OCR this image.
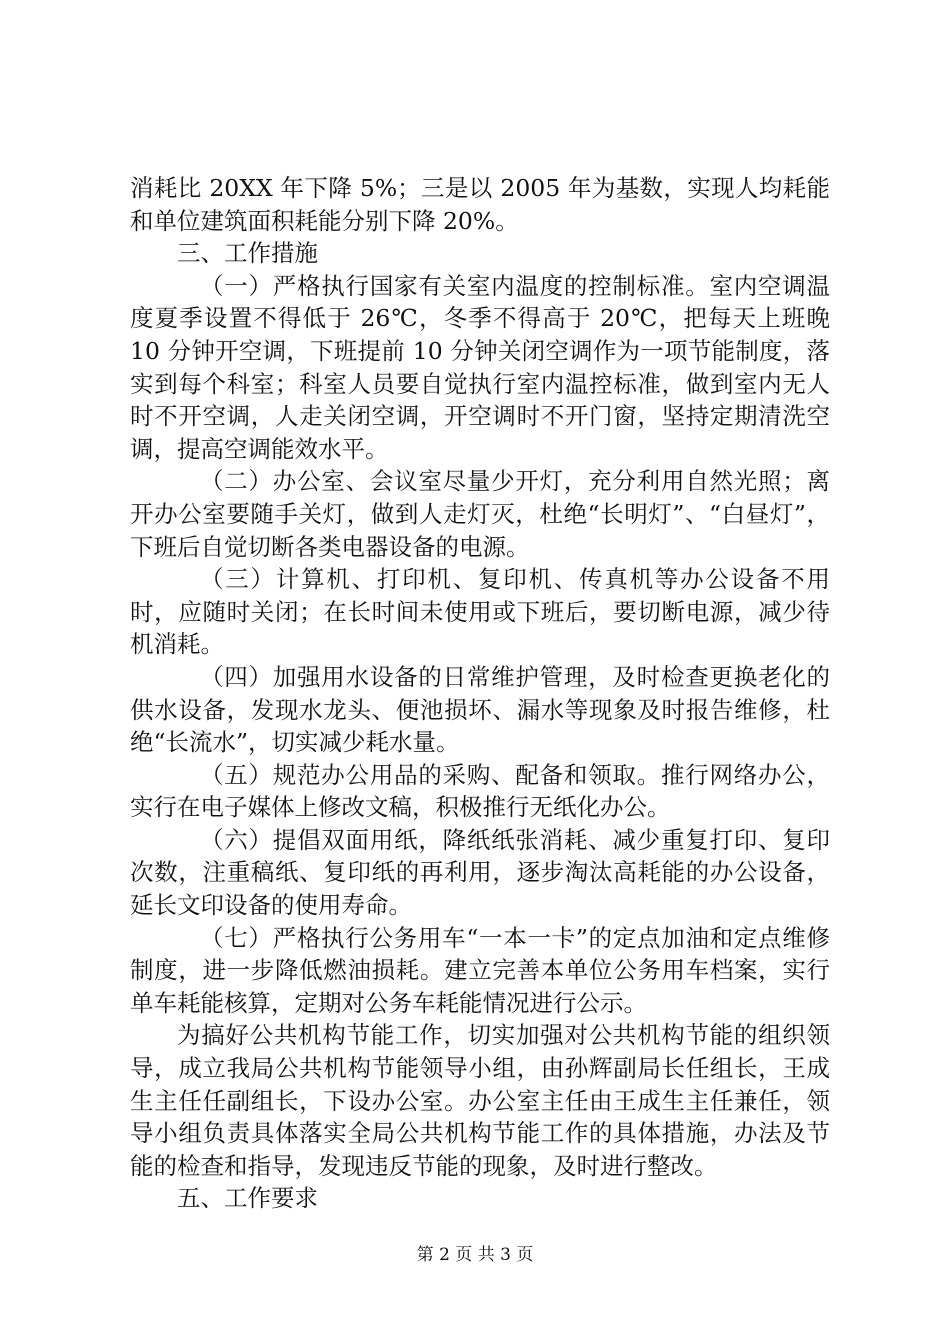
消耗比 20XX 年下降 5%；三是以 2005 年为基数，实现人均耗能和单位建筑面积耗能分别下降 20%。

三、工作措施

（一）严格执行国家有关室内温度的控制标准。室内空调温度夏季设置不得低于 26℃，冬季不得高于 20℃，把每天上班晚 10 分钟开空调，下班提前 10 分钟关闭空调作为一项节能制度，落实到每个科室；科室人员要自觉执行室内温控标准，做到室内无人时不开空调，人走关闭空调，开空调时不开门窗，坚持定期清洗空调，提高空调能效水平。

（二）办公室、会议室尽量少开灯，充分利用自然光照；离开办公室要随手关灯，做到人走灯灭，杜绝“长明灯”、“白昼灯”，下班后自觉切断各类电器设备的电源。

（三）计算机、打印机、复印机、传真机等办公设备不用时，应随时关闭；在长时间未使用或下班后，要切断电源，减少待机消耗。

（四）加强用水设备的日常维护管理，及时检查更换老化的供水设备，发现水龙头、便池损坏、漏水等现象及时报告维修，杜绝“长流水”，切实减少耗水量。

（五）规范办公用品的采购、配备和领取。推行网络办公，实行在电子媒体上修改文稿，积极推行无纸化办公。

（六）提倡双面用纸，降纸纸张消耗、减少重复打印、复印次数，注重稿纸、复印纸的再利用，逐步淘汰高耗能的办公设备，延长文印设备的使用寿命。

（七）严格执行公务用车“一本一卡”的定点加油和定点维修制度，进一步降低燃油损耗。建立完善本单位公务用车档案，实行单车耗能核算，定期对公务车耗能情况进行公示。

为搞好公共机构节能工作，切实加强对公共机构节能的组织领导，成立我局公共机构节能领导小组，由孙辉副局长任组长，王成生主任任副组长，下设办公室。办公室主任由王成生主任兼任，领导小组负责具体落实全局公共机构节能工作的具体措施，办法及节能的检查和指导，发现违反节能的现象，及时进行整改。

五、工作要求

第 2 页 共 3 页
